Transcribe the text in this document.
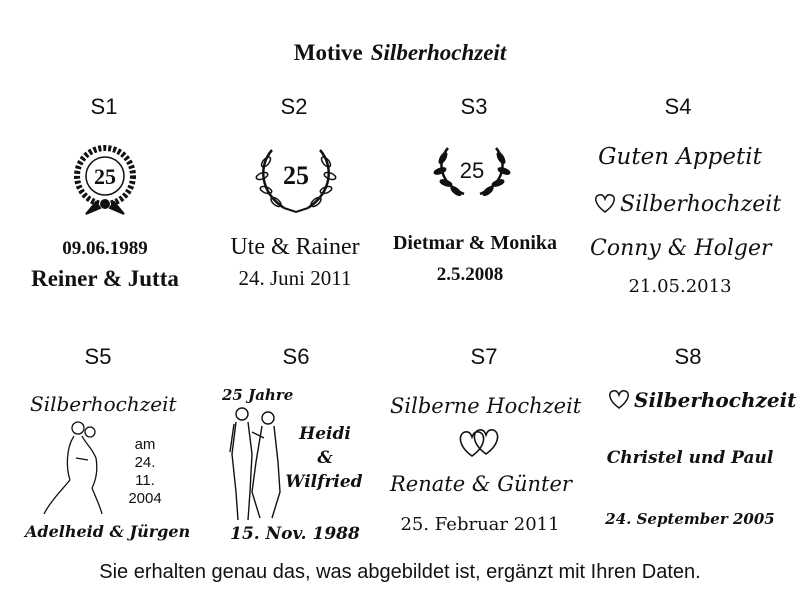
Motive Silberhochzeit
S1
25
09.06.1989
Reiner & Jutta
S2
25
Ute & Rainer
24. Juni 2011
S3
25
Dietmar & Monika
2.5.2008
S4
Guten Appetit
Silberhochzeit
Conny & Holger
21.05.2013
S5
Silberhochzeit
am
24.
11.
2004
Adelheid & Jürgen
S6
25 Jahre
Heidi
&
Wilfried
15. Nov. 1988
S7
Silberne Hochzeit
Renate & Günter
25. Februar 2011
S8
Silberhochzeit
Christel und Paul
24. September 2005
Sie erhalten genau das, was abgebildet ist, ergänzt mit Ihren Daten.
